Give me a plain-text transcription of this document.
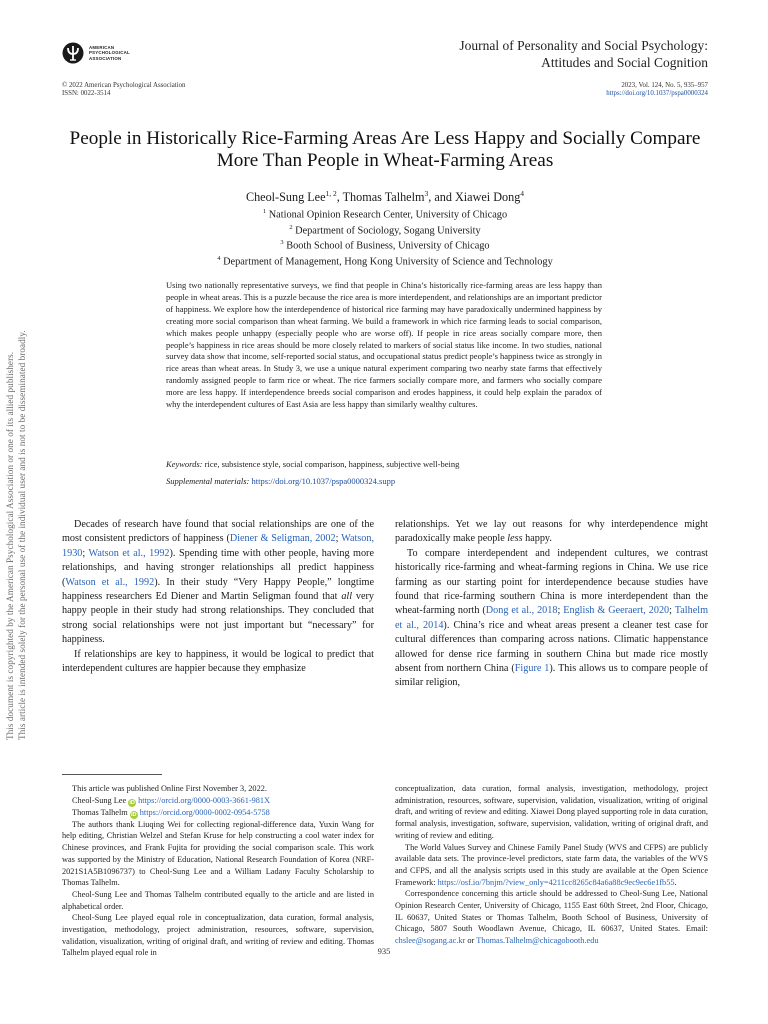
This document is copyrighted by the American Psychological Association or one of its allied publishers. This article is intended solely for the personal use of the individual user and is not to be disseminated broadly.
AMERICAN
PSYCHOLOGICAL
ASSOCIATION
Journal of Personality and Social Psychology:
Attitudes and Social Cognition
© 2022 American Psychological Association
ISSN: 0022-3514
2023, Vol. 124, No. 5, 935–957
https://doi.org/10.1037/pspa0000324
People in Historically Rice-Farming Areas Are Less Happy and Socially Compare More Than People in Wheat-Farming Areas
Cheol-Sung Lee$^{1, 2}$, Thomas Talhelm$^3$, and Xiawei Dong$^4$
$^1$ National Opinion Research Center, University of Chicago
$^2$ Department of Sociology, Sogang University
$^3$ Booth School of Business, University of Chicago
$^4$ Department of Management, Hong Kong University of Science and Technology
Using two nationally representative surveys, we find that people in China’s historically rice-farming areas are less happy than people in wheat areas. This is a puzzle because the rice area is more interdependent, and relationships are an important predictor of happiness. We explore how the interdependence of historical rice farming may have paradoxically undermined happiness by creating more social comparison than wheat farming. We build a framework in which rice farming leads to social comparison, which makes people unhappy (especially people who are worse off). If people in rice areas socially compare more, then people’s happiness in rice areas should be more closely related to markers of social status like income. In two studies, national survey data show that income, self-reported social status, and occupational status predict people’s happiness twice as strongly in rice areas than wheat areas. In Study 3, we use a unique natural experiment comparing two nearby state farms that effectively randomly assigned people to farm rice or wheat. The rice farmers socially compare more, and farmers who socially compare more are less happy. If interdependence breeds social comparison and erodes happiness, it could help explain the paradox of why the interdependent cultures of East Asia are less happy than similarly wealthy cultures.
Keywords: rice, subsistence style, social comparison, happiness, subjective well-being
Supplemental materials: https://doi.org/10.1037/pspa0000324.supp

Decades of research have found that social relationships are one of the most consistent predictors of happiness (Diener & Seligman, 2002; Watson, 1930; Watson et al., 1992). Spending time with other people, having more relationships, and having stronger relationships all predict happiness (Watson et al., 1992). In their study “Very Happy People,” longtime happiness researchers Ed Diener and Martin Seligman found that all very happy people in their study had strong relationships. They concluded that strong social relationships were not just important but “necessary” for happiness.

If relationships are key to happiness, it would be logical to predict that interdependent cultures are happier because they emphasize

relationships. Yet we lay out reasons for why interdependence might paradoxically make people less happy.

To compare interdependent and independent cultures, we contrast historically rice-farming and wheat-farming regions in China. We use rice farming as our starting point for interdependence because studies have found that rice-farming southern China is more interdependent than the wheat-farming north (Dong et al., 2018; English & Geeraert, 2020; Talhelm et al., 2014). China’s rice and wheat areas present a cleaner test case for cultural differences than comparing across nations. Climatic happenstance allowed for dense rice farming in southern China but made rice mostly absent from northern China (Figure 1). This allows us to compare people of similar religion,

This article was published Online First November 3, 2022.

Cheol-Sung Lee iD https://orcid.org/0000-0003-3661-981X

Thomas Talhelm iD https://orcid.org/0000-0002-0954-5758

The authors thank Liuqing Wei for collecting regional-difference data, Yuxin Wang for help editing, Christian Welzel and Stefan Kruse for help constructing a cool water index for Chinese provinces, and Frank Fujita for providing the social comparison scale. This work was supported by the Ministry of Education, National Research Foundation of Korea (NRF-2021S1A5B1096737) to Cheol-Sung Lee and a William Ladany Faculty Scholarship to Thomas Talhelm.

Cheol-Sung Lee and Thomas Talhelm contributed equally to the article and are listed in alphabetical order.

Cheol-Sung Lee played equal role in conceptualization, data curation, formal analysis, investigation, methodology, project administration, resources, software, supervision, validation, visualization, writing of original draft, and writing of review and editing. Thomas Talhelm played equal role in

conceptualization, data curation, formal analysis, investigation, methodology, project administration, resources, software, supervision, validation, visualization, writing of original draft, and writing of review and editing. Xiawei Dong played supporting role in data curation, formal analysis, investigation, software, supervision, validation, writing of original draft, and writing of review and editing.

The World Values Survey and Chinese Family Panel Study (WVS and CFPS) are publicly available data sets. The province-level predictors, state farm data, the variables of the WVS and CFPS, and all the analysis scripts used in this study are available at the Open Science Framework: https://osf.io/7bnjm/?view_only=4211cc8265c84a6a88c9ec9ec6e1fb55.

Correspondence concerning this article should be addressed to Cheol-Sung Lee, National Opinion Research Center, University of Chicago, 1155 East 60th Street, 2nd Floor, Chicago, IL 60637, United States or Thomas Talhelm, Booth School of Business, University of Chicago, 5807 South Woodlawn Avenue, Chicago, IL 60637, United States. Email: chslee@sogang.ac.kr or Thomas.Talhelm@chicagobooth.edu

935
